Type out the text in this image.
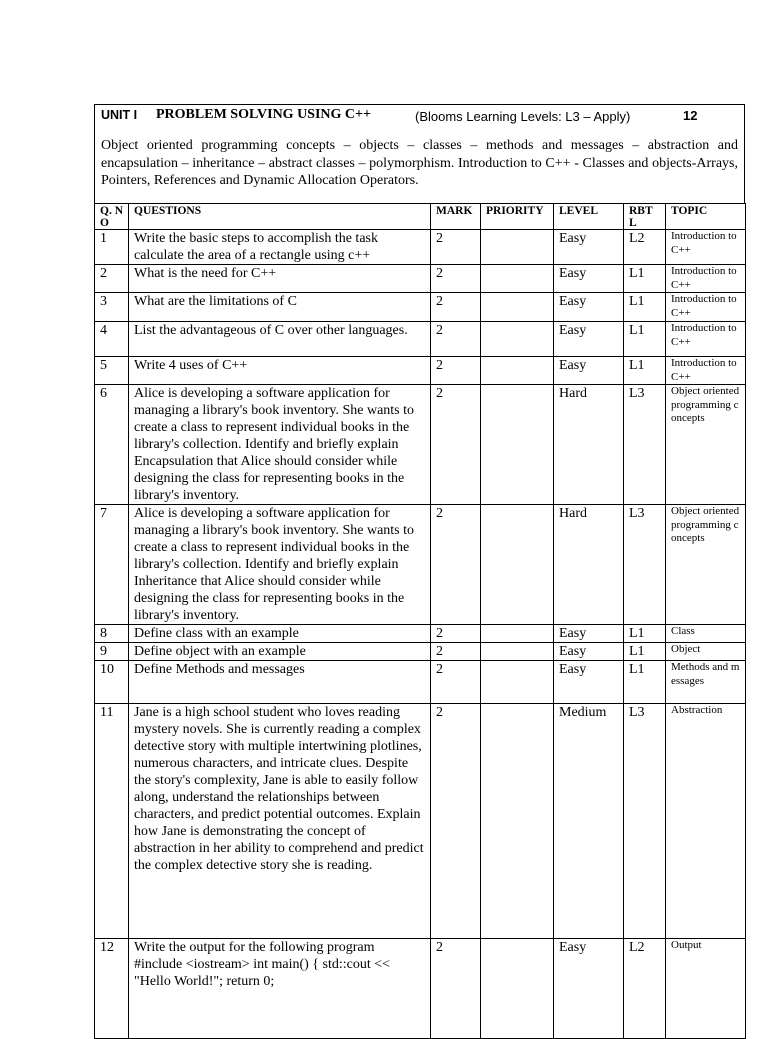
UNIT I PROBLEM SOLVING USING C++	(Blooms Learning Levels: L3 – Apply)	12
Object oriented programming concepts – objects – classes – methods and messages – abstraction and encapsulation – inheritance – abstract classes – polymorphism. Introduction to C++ - Classes and objects-Arrays, Pointers, References and Dynamic Allocation Operators.
Q. NO	QUESTIONS	MARK	PRIORITY	LEVEL	RBTL	TOPIC
1	Write the basic steps to accomplish the task calculate the area of a rectangle using c++	2		Easy	L2	Introduction to C++
2	What is the need for C++	2		Easy	L1	Introduction to C++
3	What are the limitations of C	2		Easy	L1	Introduction to C++
4	List the advantageous of C over other languages.	2		Easy	L1	Introduction to C++
5	Write 4 uses of C++	2		Easy	L1	Introduction to C++
6	Alice is developing a software application for managing a library's book inventory. She wants to create a class to represent individual books in the library's collection. Identify and briefly explain Encapsulation that Alice should consider while designing the class for representing books in the library's inventory.	2		Hard	L3	Object oriented programming concepts
7	Alice is developing a software application for managing a library's book inventory. She wants to create a class to represent individual books in the library's collection. Identify and briefly explain Inheritance that Alice should consider while designing the class for representing books in the library's inventory.	2		Hard	L3	Object oriented programming concepts
8	Define class with an example	2		Easy	L1	Class
9	Define object with an example	2		Easy	L1	Object
10	Define Methods and messages	2		Easy	L1	Methods and messages
11	Jane is a high school student who loves reading mystery novels. She is currently reading a complex detective story with multiple intertwining plotlines, numerous characters, and intricate clues. Despite the story's complexity, Jane is able to easily follow along, understand the relationships between characters, and predict potential outcomes. Explain how Jane is demonstrating the concept of abstraction in her ability to comprehend and predict the complex detective story she is reading.	2		Medium	L3	Abstraction
12	Write the output for the following program #include <iostream> int main() { std::cout << "Hello World!"; return 0;	2		Easy	L2	Output
